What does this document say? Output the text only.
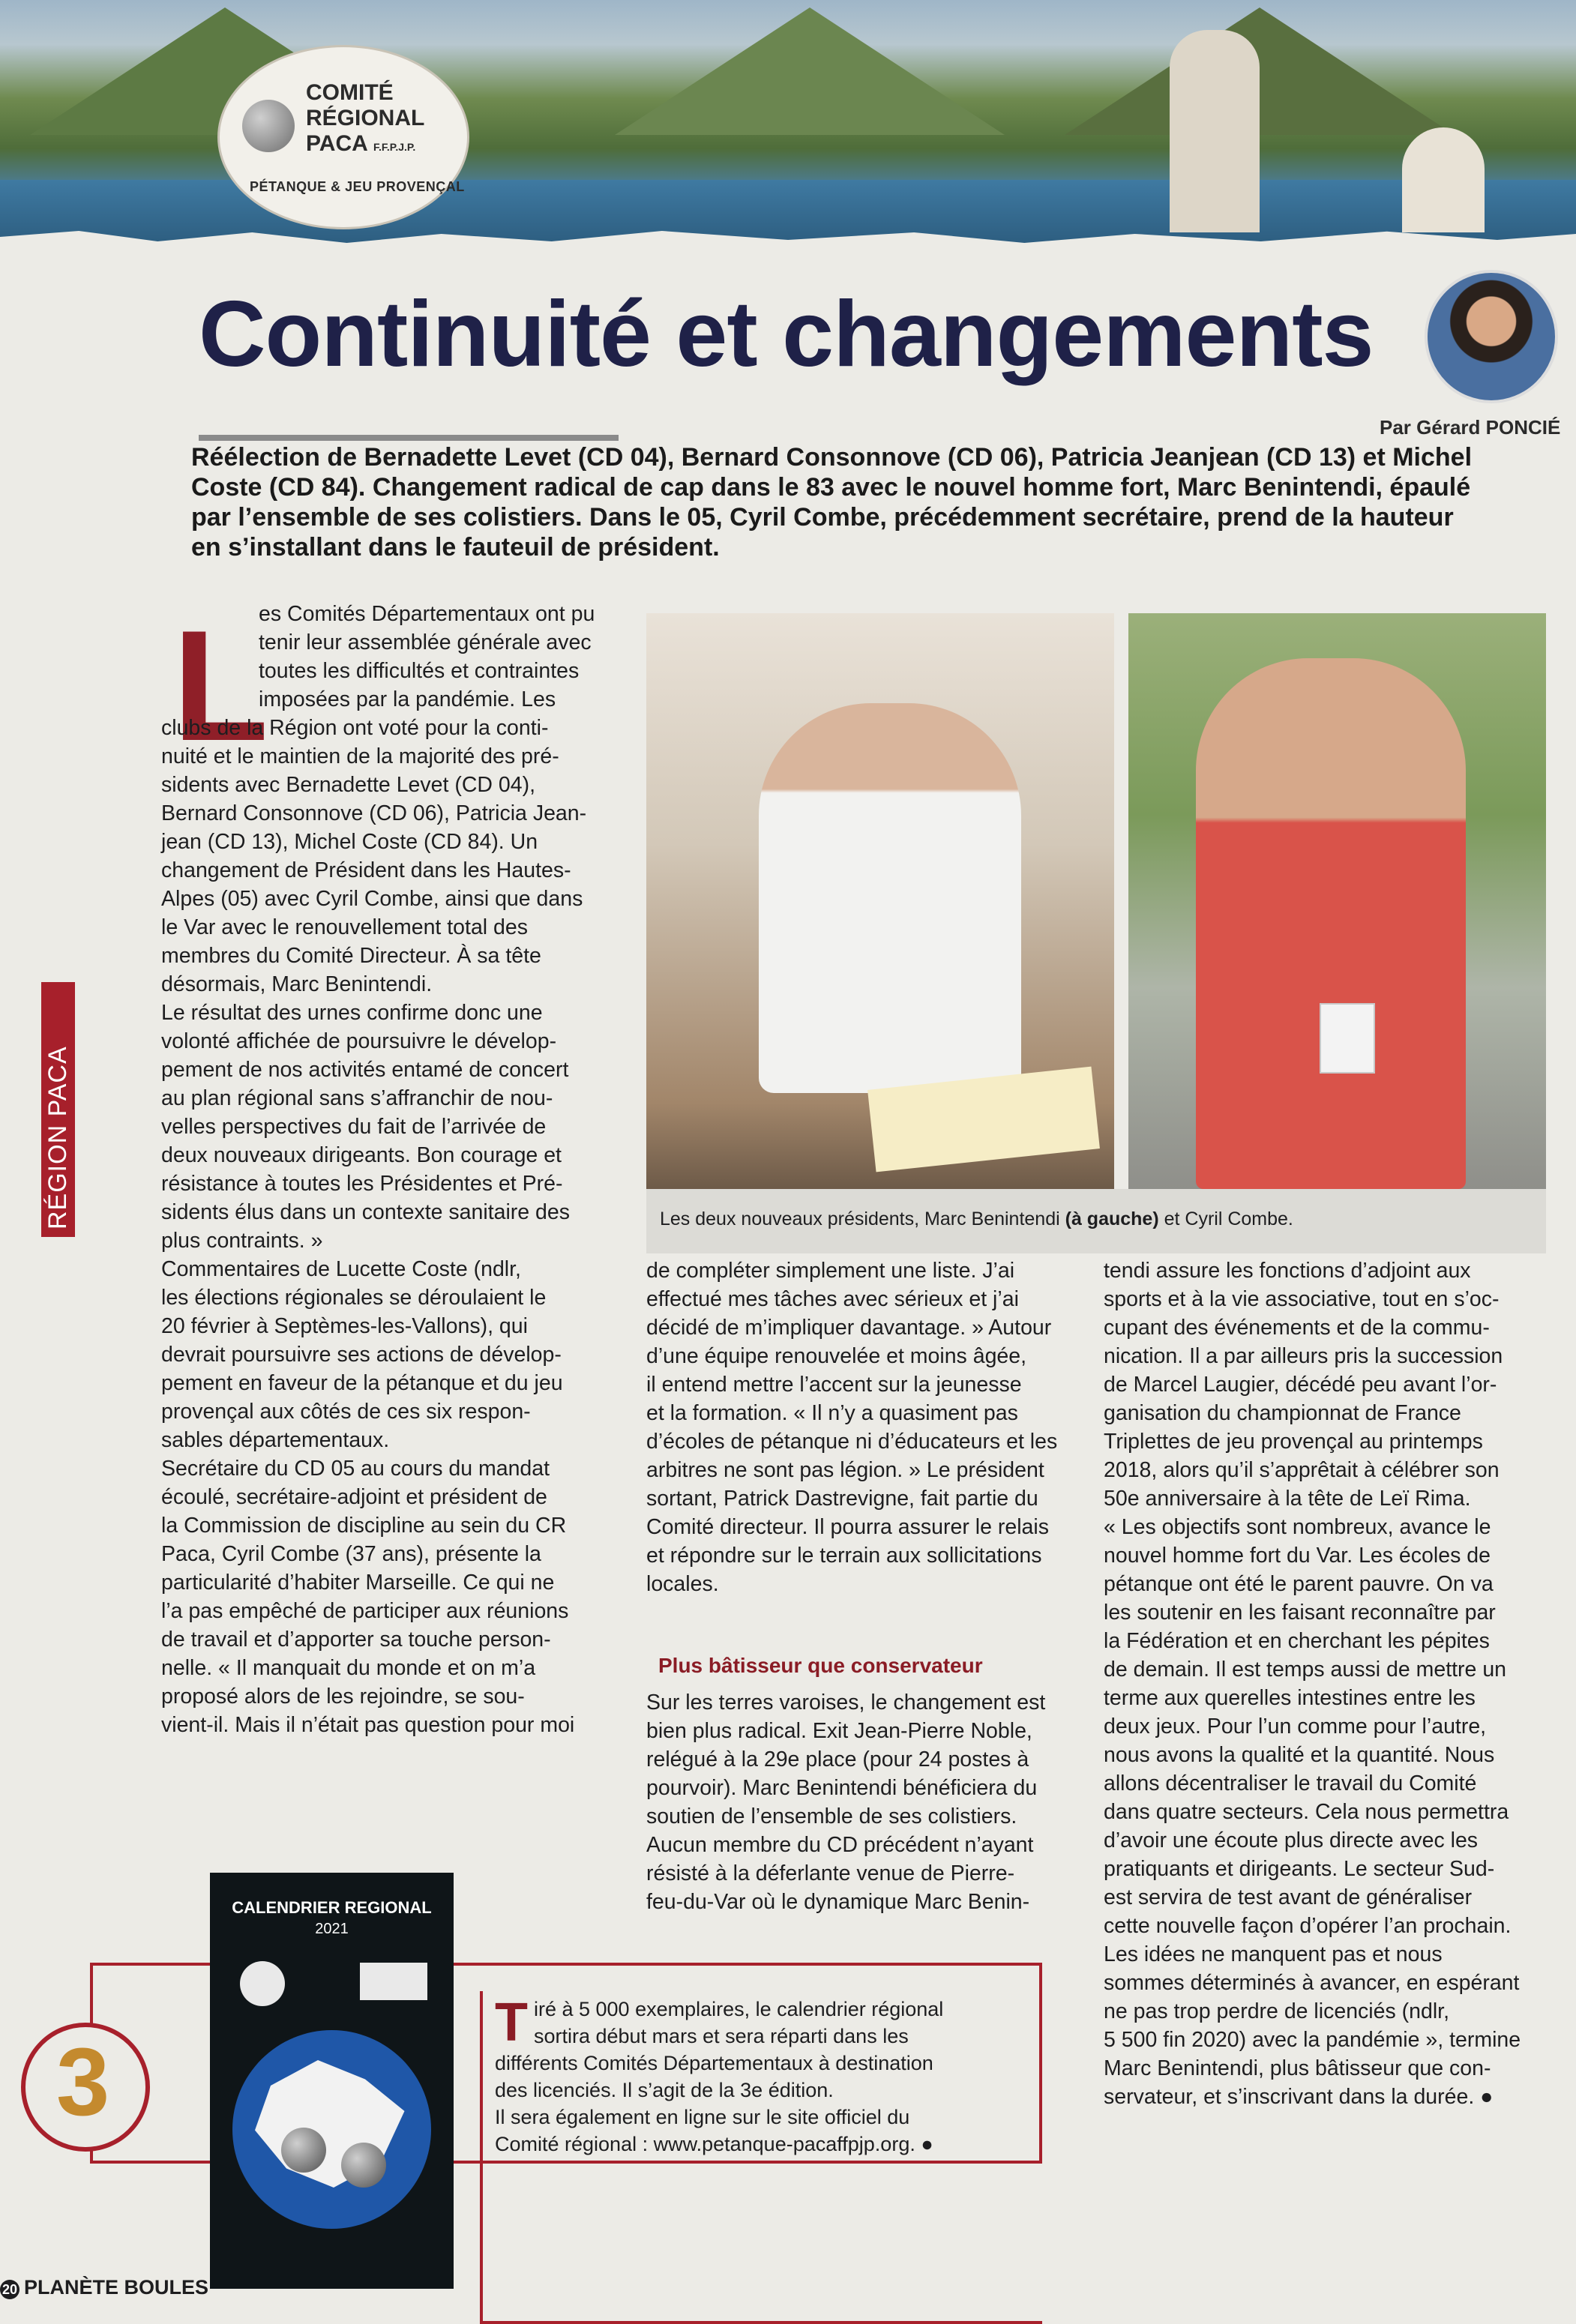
COMITÉ
RÉGIONAL
PACA F.F.P.J.P.
PÉTANQUE & JEU PROVENÇAL
Continuité et changements
Par Gérard PONCIÉ
Réélection de Bernadette Levet (CD 04), Bernard Consonnove (CD 06), Patricia Jeanjean (CD 13) et Michel
Coste (CD 84). Changement radical de cap dans le 83 avec le nouvel homme fort, Marc Benintendi, épaulé
par l’ensemble de ses colistiers. Dans le 05, Cyril Combe, précédemment secrétaire, prend de la hauteur
en s’installant dans le fauteuil de président.
RÉGION PACA
L
es Comités Départementaux ont pu
tenir leur assemblée générale avec
toutes les difficultés et contraintes
imposées par la pandémie. Les
clubs de la Région ont voté pour la conti-
nuité et le maintien de la majorité des pré-
sidents avec Bernadette Levet (CD 04),
Bernard Consonnove (CD 06), Patricia Jean-
jean (CD 13), Michel Coste (CD 84). Un
changement de Président dans les Hautes-
Alpes (05) avec Cyril Combe, ainsi que dans
le Var avec le renouvellement total des
membres du Comité Directeur. À sa tête
désormais, Marc Benintendi.
Le résultat des urnes confirme donc une
volonté affichée de poursuivre le dévelop-
pement de nos activités entamé de concert
au plan régional sans s’affranchir de nou-
velles perspectives du fait de l’arrivée de
deux nouveaux dirigeants. Bon courage et
résistance à toutes les Présidentes et Pré-
sidents élus dans un contexte sanitaire des
plus contraints. »
Commentaires de Lucette Coste (ndlr,
les élections régionales se déroulaient le
20 février à Septèmes-les-Vallons), qui
devrait poursuivre ses actions de dévelop-
pement en faveur de la pétanque et du jeu
provençal aux côtés de ces six respon-
sables départementaux.
Secrétaire du CD 05 au cours du mandat
écoulé, secrétaire-adjoint et président de
la Commission de discipline au sein du CR
Paca, Cyril Combe (37 ans), présente la
particularité d’habiter Marseille. Ce qui ne
l’a pas empêché de participer aux réunions
de travail et d’apporter sa touche person-
nelle. « Il manquait du monde et on m’a
proposé alors de les rejoindre, se sou-
vient-il. Mais il n’était pas question pour moi
Les deux nouveaux présidents, Marc Benintendi (à gauche) et Cyril Combe.
de compléter simplement une liste. J’ai
effectué mes tâches avec sérieux et j’ai
décidé de m’impliquer davantage. » Autour
d’une équipe renouvelée et moins âgée,
il entend mettre l’accent sur la jeunesse
et la formation. « Il n’y a quasiment pas
d’écoles de pétanque ni d’éducateurs et les
arbitres ne sont pas légion. » Le président
sortant, Patrick Dastrevigne, fait partie du
Comité directeur. Il pourra assurer le relais
et répondre sur le terrain aux sollicitations
locales.
Plus bâtisseur que conservateur
Sur les terres varoises, le changement est
bien plus radical. Exit Jean-Pierre Noble,
relégué à la 29e place (pour 24 postes à
pourvoir). Marc Benintendi bénéficiera du
soutien de l’ensemble de ses colistiers.
Aucun membre du CD précédent n’ayant
résisté à la déferlante venue de Pierre-
feu-du-Var où le dynamique Marc Benin-
tendi assure les fonctions d’adjoint aux
sports et à la vie associative, tout en s’oc-
cupant des événements et de la commu-
nication. Il a par ailleurs pris la succession
de Marcel Laugier, décédé peu avant l’or-
ganisation du championnat de France
Triplettes de jeu provençal au printemps
2018, alors qu’il s’apprêtait à célébrer son
50e anniversaire à la tête de Leï Rima.
« Les objectifs sont nombreux, avance le
nouvel homme fort du Var. Les écoles de
pétanque ont été le parent pauvre. On va
les soutenir en les faisant reconnaître par
la Fédération et en cherchant les pépites
de demain. Il est temps aussi de mettre un
terme aux querelles intestines entre les
deux jeux. Pour l’un comme pour l’autre,
nous avons la qualité et la quantité. Nous
allons décentraliser le travail du Comité
dans quatre secteurs. Cela nous permettra
d’avoir une écoute plus directe avec les
pratiquants et dirigeants. Le secteur Sud-
est servira de test avant de généraliser
cette nouvelle façon d’opérer l’an prochain.
Les idées ne manquent pas et nous
sommes déterminés à avancer, en espérant
ne pas trop perdre de licenciés (ndlr,
5 500 fin 2020) avec la pandémie », termine
Marc Benintendi, plus bâtisseur que con-
servateur, et s’inscrivant dans la durée. ●
3
CALENDRIER REGIONAL
2021
Tiré à 5 000 exemplaires, le calendrier régional
sortira début mars et sera réparti dans les
différents Comités Départementaux à destination
des licenciés. Il s’agit de la 3e édition.
Il sera également en ligne sur le site officiel du
Comité régional : www.petanque-pacaffpjp.org. ●
20 PLANÈTE BOULES
